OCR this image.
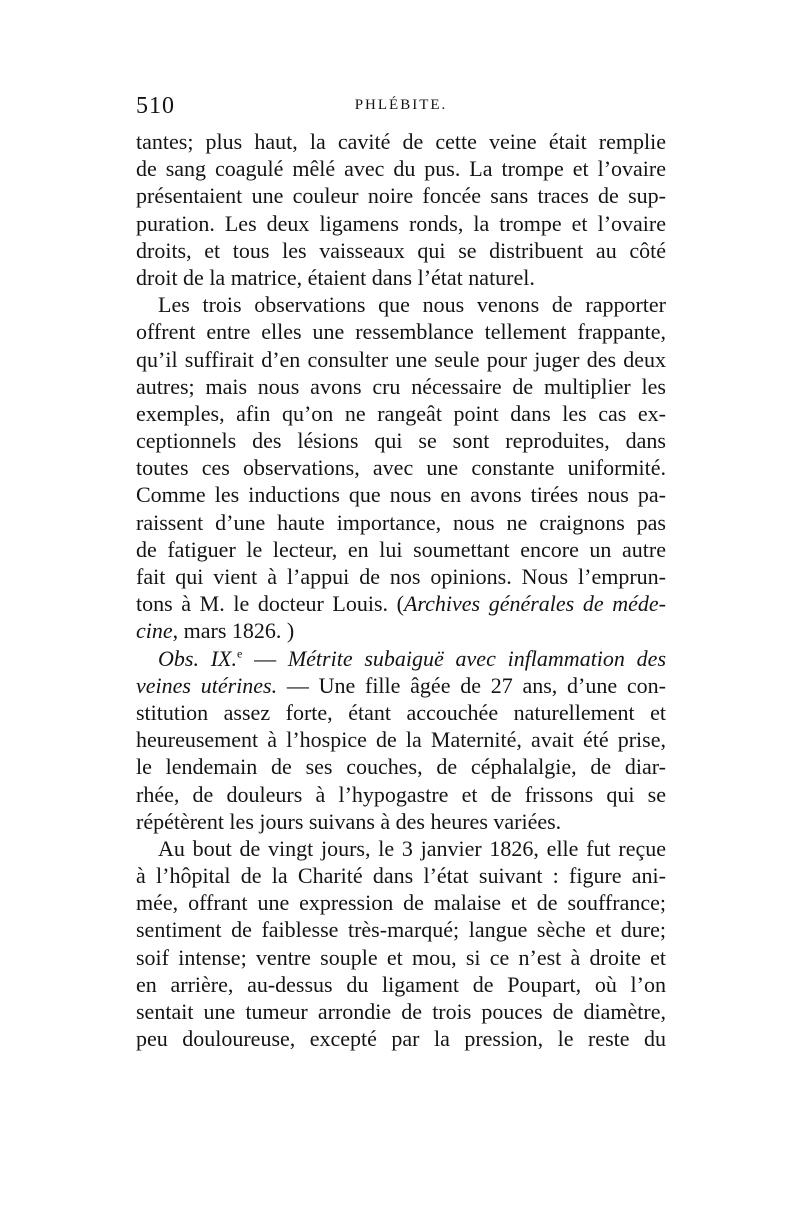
510	PHLÉBITE.
tantes; plus haut, la cavité de cette veine était remplie
de sang coagulé mêlé avec du pus. La trompe et l’ovaire
présentaient une couleur noire foncée sans traces de sup-
puration. Les deux ligamens ronds, la trompe et l’ovaire
droits, et tous les vaisseaux qui se distribuent au côté
droit de la matrice, étaient dans l’état naturel.
Les trois observations que nous venons de rapporter
offrent entre elles une ressemblance tellement frappante,
qu’il suffirait d’en consulter une seule pour juger des deux
autres; mais nous avons cru nécessaire de multiplier les
exemples, afin qu’on ne rangeât point dans les cas ex-
ceptionnels des lésions qui se sont reproduites, dans
toutes ces observations, avec une constante uniformité.
Comme les inductions que nous en avons tirées nous pa-
raissent d’une haute importance, nous ne craignons pas
de fatiguer le lecteur, en lui soumettant encore un autre
fait qui vient à l’appui de nos opinions. Nous l’emprun-
tons à M. le docteur Louis. (Archives générales de méde-
cine, mars 1826. )
Obs. IX.$^e$ — Métrite subaiguë avec inflammation des
veines utérines. — Une fille âgée de 27 ans, d’une con-
stitution assez forte, étant accouchée naturellement et
heureusement à l’hospice de la Maternité, avait été prise,
le lendemain de ses couches, de céphalalgie, de diar-
rhée, de douleurs à l’hypogastre et de frissons qui se
répétèrent les jours suivans à des heures variées.
Au bout de vingt jours, le 3 janvier 1826, elle fut reçue
à l’hôpital de la Charité dans l’état suivant : figure ani-
mée, offrant une expression de malaise et de souffrance;
sentiment de faiblesse très-marqué; langue sèche et dure;
soif intense; ventre souple et mou, si ce n’est à droite et
en arrière, au-dessus du ligament de Poupart, où l’on
sentait une tumeur arrondie de trois pouces de diamètre,
peu douloureuse, excepté par la pression, le reste du
